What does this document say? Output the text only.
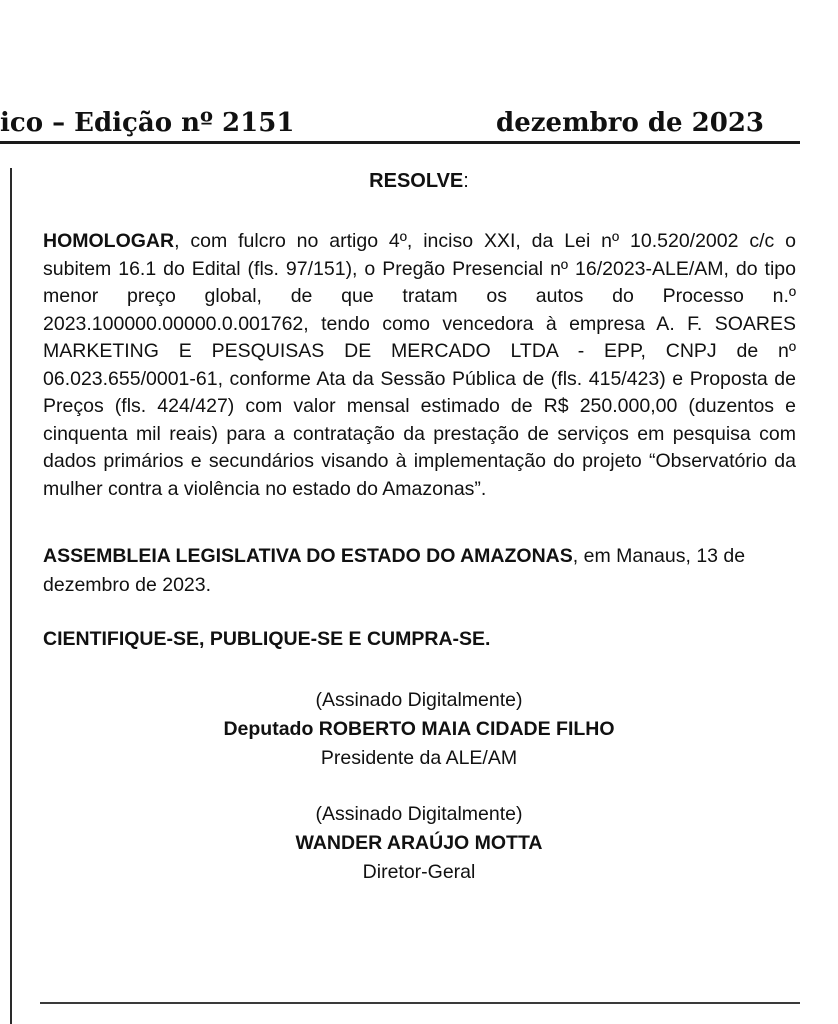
ico – Edição nº 2151	dezembro de 2023
RESOLVE:

HOMOLOGAR, com fulcro no artigo 4º, inciso XXI, da Lei nº 10.520/2002 c/c o subitem 16.1 do Edital (fls. 97/151), o Pregão Presencial nº 16/2023-ALE/AM, do tipo menor preço global, de que tratam os autos do Processo n.º 2023.100000.00000.0.001762, tendo como vencedora à empresa A. F. SOARES MARKETING E PESQUISAS DE MERCADO LTDA - EPP, CNPJ de nº 06.023.655/0001-61, conforme Ata da Sessão Pública de (fls. 415/423) e Proposta de Preços (fls. 424/427) com valor mensal estimado de R$ 250.000,00 (duzentos e cinquenta mil reais) para a contratação da prestação de serviços em pesquisa com dados primários e secundários visando à implementação do projeto “Observatório da mulher contra a violência no estado do Amazonas”.

ASSEMBLEIA LEGISLATIVA DO ESTADO DO AMAZONAS, em Manaus, 13 de dezembro de 2023.

CIENTIFIQUE-SE, PUBLIQUE-SE E CUMPRA-SE.

(Assinado Digitalmente)
Deputado ROBERTO MAIA CIDADE FILHO
Presidente da ALE/AM
(Assinado Digitalmente)
WANDER ARAÚJO MOTTA
Diretor-Geral
